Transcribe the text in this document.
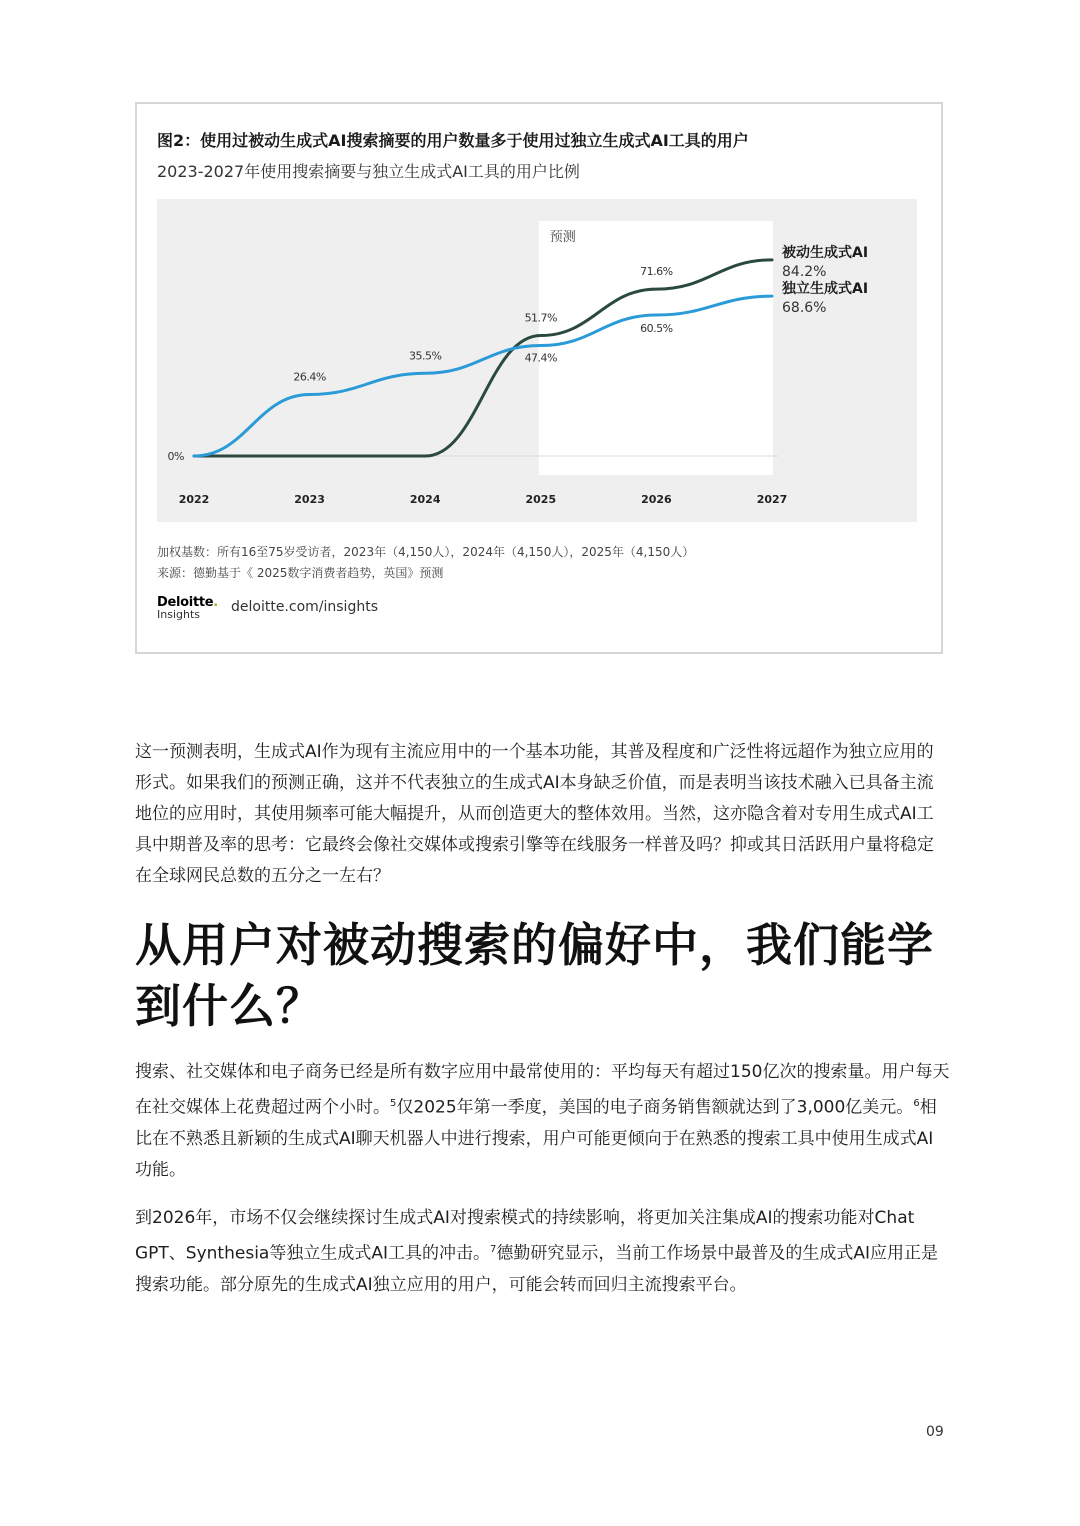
图2：使用过被动生成式AI搜索摘要的用户数量多于使用过独立生成式AI工具的用户
2023-2027年使用搜索摘要与独立生成式AI工具的用户比例
预测
2022	2023	2024	2025	2026	2027
51.7%
71.6%
被动生成式AI
84.2%
0%
26.4%
35.5%	47.4%
60.5%
独立生成式AI
68.6%
加权基数：所有16至75岁受访者，2023年（4,150人），2024年（4,150人），2025年（4,150人）
来源：德勤基于《 2025数字消费者趋势，英国》预测
Deloitte.
Insights	deloitte.com/insights
这一预测表明，生成式AI作为现有主流应用中的一个基本功能，其普及程度和广泛性将远超作为独立应用的形式。如果我们的预测正确，这并不代表独立的生成式AI本身缺乏价值，而是表明当该技术融入已具备主流地位的应用时，其使用频率可能大幅提升，从而创造更大的整体效用。当然，这亦隐含着对专用生成式AI工具中期普及率的思考：它最终会像社交媒体或搜索引擎等在线服务一样普及吗？抑或其日活跃用户量将稳定在全球网民总数的五分之一左右？
从用户对被动搜索的偏好中，我们能学到什么？
搜索、社交媒体和电子商务已经是所有数字应用中最常使用的：平均每天有超过150亿次的搜索量。用户每天在社交媒体上花费超过两个小时。$^5$仅2025年第一季度，美国的电子商务销售额就达到了3,000亿美元。$^6$相比在不熟悉且新颖的生成式AI聊天机器人中进行搜索，用户可能更倾向于在熟悉的搜索工具中使用生成式AI功能。
到2026年，市场不仅会继续探讨生成式AI对搜索模式的持续影响，将更加关注集成AI的搜索功能对Chat GPT、Synthesia等独立生成式AI工具的冲击。$^7$德勤研究显示，当前工作场景中最普及的生成式AI应用正是搜索功能。部分原先的生成式AI独立应用的用户，可能会转而回归主流搜索平台。
09
